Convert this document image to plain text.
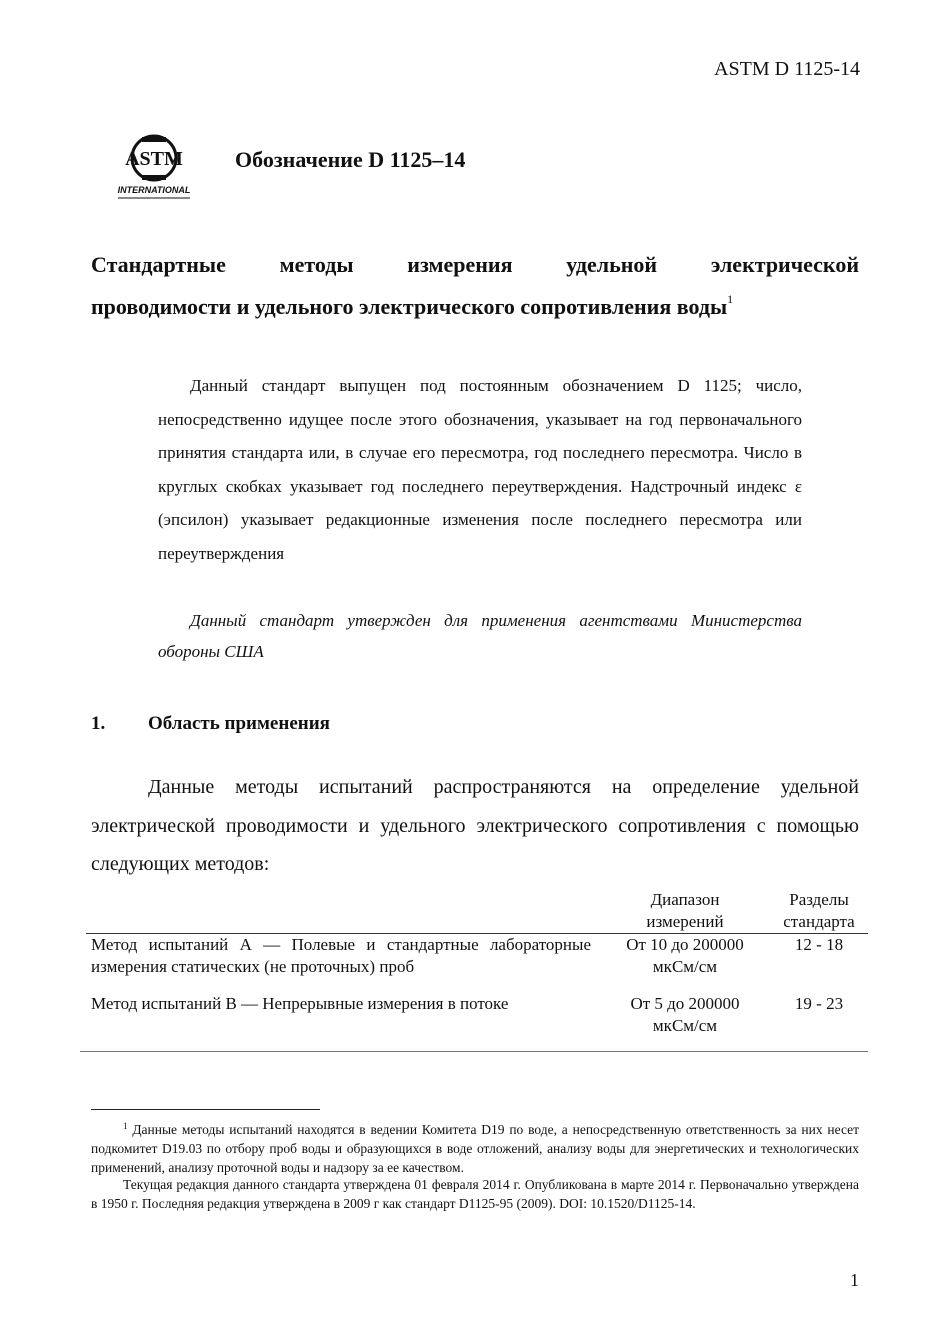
ASTM D 1125-14
ASTM
INTERNATIONAL
Обозначение D 1125–14
Стандартные методы измерения удельной электрической
проводимости и удельного электрического сопротивления воды$^1$

Данный стандарт выпущен под постоянным обозначением D 1125; число, непосредственно идущее после этого обозначения, указывает на год первоначального принятия стандарта или, в случае его пересмотра, год последнего пересмотра. Число в круглых скобках указывает год последнего переутверждения. Надстрочный индекс ε (эпсилон) указывает редакционные изменения после последнего пересмотра или переутверждения

Данный стандарт утвержден для применения агентствами Министерства обороны США

1. Область применения

Данные методы испытаний распространяются на определение удельной электрической проводимости и удельного электрического сопротивления с помощью следующих методов:

Диапазон измерений
Разделы стандарта
Метод испытаний А — Полевые и стандартные лабораторные измерения статических (не проточных) проб
От 10 до 200000 мкСм/см
12 - 18
Метод испытаний В — Непрерывные измерения в потоке	От 5 до 200000 мкСм/см
19 - 23

$^1$ Данные методы испытаний находятся в ведении Комитета D19 по воде, а непосредственную ответственность за них несет подкомитет D19.03 по отбору проб воды и образующихся в воде отложений, анализу воды для энергетических и технологических применений, анализу проточной воды и надзору за ее качеством.

Текущая редакция данного стандарта утверждена 01 февраля 2014 г. Опубликована в марте 2014 г. Первоначально утверждена в 1950 г. Последняя редакция утверждена в 2009 г как стандарт D1125-95 (2009). DOI: 10.1520/D1125-14.

1
